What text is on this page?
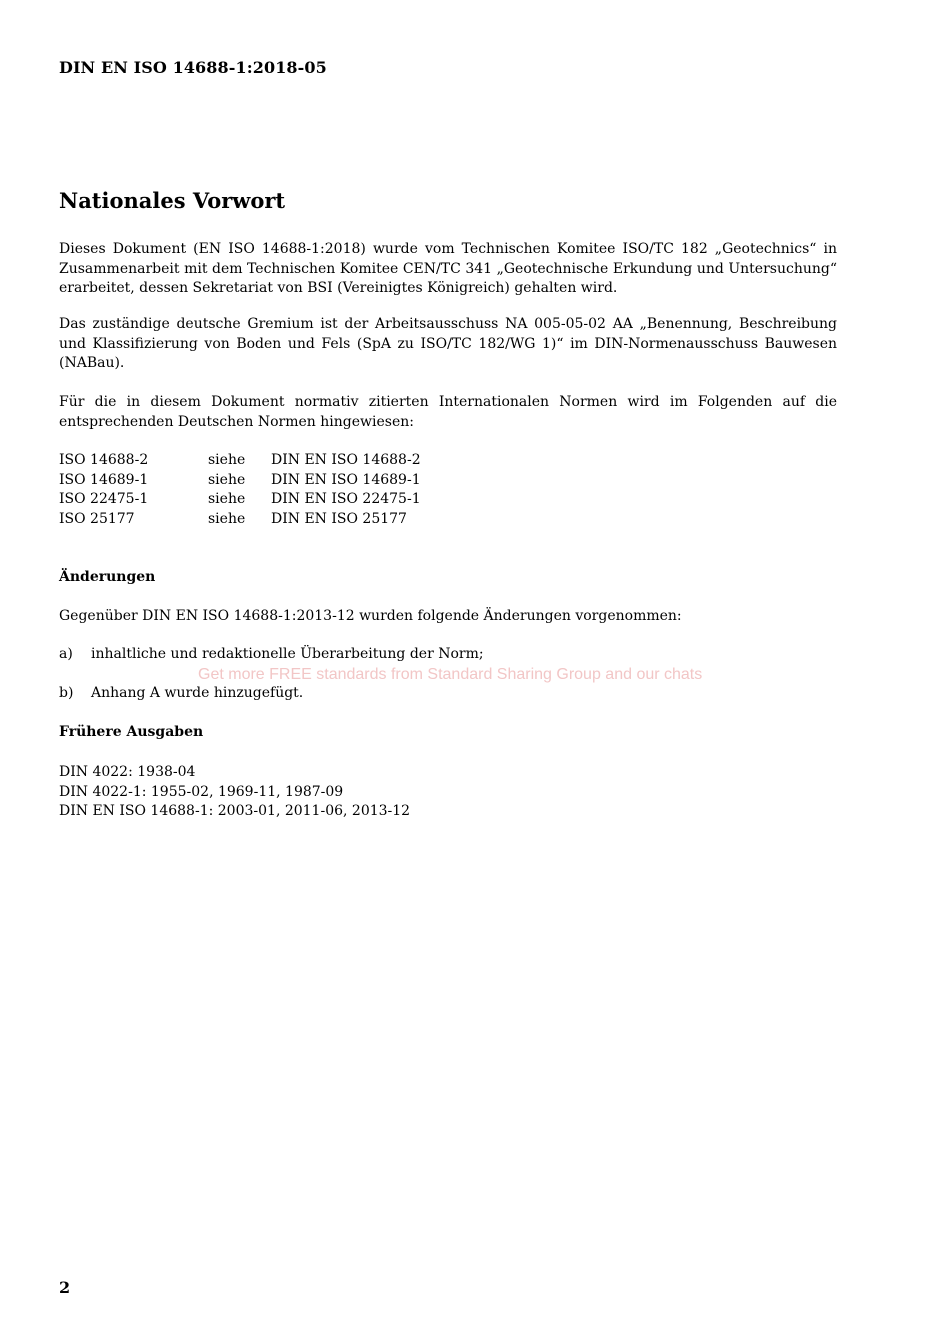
DIN EN ISO 14688-1:2018-05
Nationales Vorwort
Dieses Dokument (EN ISO 14688-1:2018) wurde vom Technischen Komitee ISO/TC 182 „Geotechnics“ in Zusammenarbeit mit dem Technischen Komitee CEN/TC 341 „Geotechnische Erkundung und Untersuchung“ erarbeitet, dessen Sekretariat von BSI (Vereinigtes Königreich) gehalten wird.
Das zuständige deutsche Gremium ist der Arbeitsausschuss NA 005-05-02 AA „Benennung, Beschreibung und Klassifizierung von Boden und Fels (SpA zu ISO/TC 182/WG 1)“ im DIN-Normenausschuss Bauwesen (NABau).
Für die in diesem Dokument normativ zitierten Internationalen Normen wird im Folgenden auf die entsprechenden Deutschen Normen hingewiesen:
ISO 14688-2	siehe DIN EN ISO 14688-2
ISO 14689-1	siehe DIN EN ISO 14689-1
ISO 22475-1	siehe DIN EN ISO 22475-1
ISO 25177	siehe DIN EN ISO 25177
Änderungen
Gegenüber DIN EN ISO 14688-1:2013-12 wurden folgende Änderungen vorgenommen:
a) inhaltliche und redaktionelle Überarbeitung der Norm;
Get more FREE standards from Standard Sharing Group and our chats
b) Anhang A wurde hinzugefügt.
Frühere Ausgaben
DIN 4022: 1938-04
DIN 4022-1: 1955-02, 1969-11, 1987-09
DIN EN ISO 14688-1: 2003-01, 2011-06, 2013-12
2
